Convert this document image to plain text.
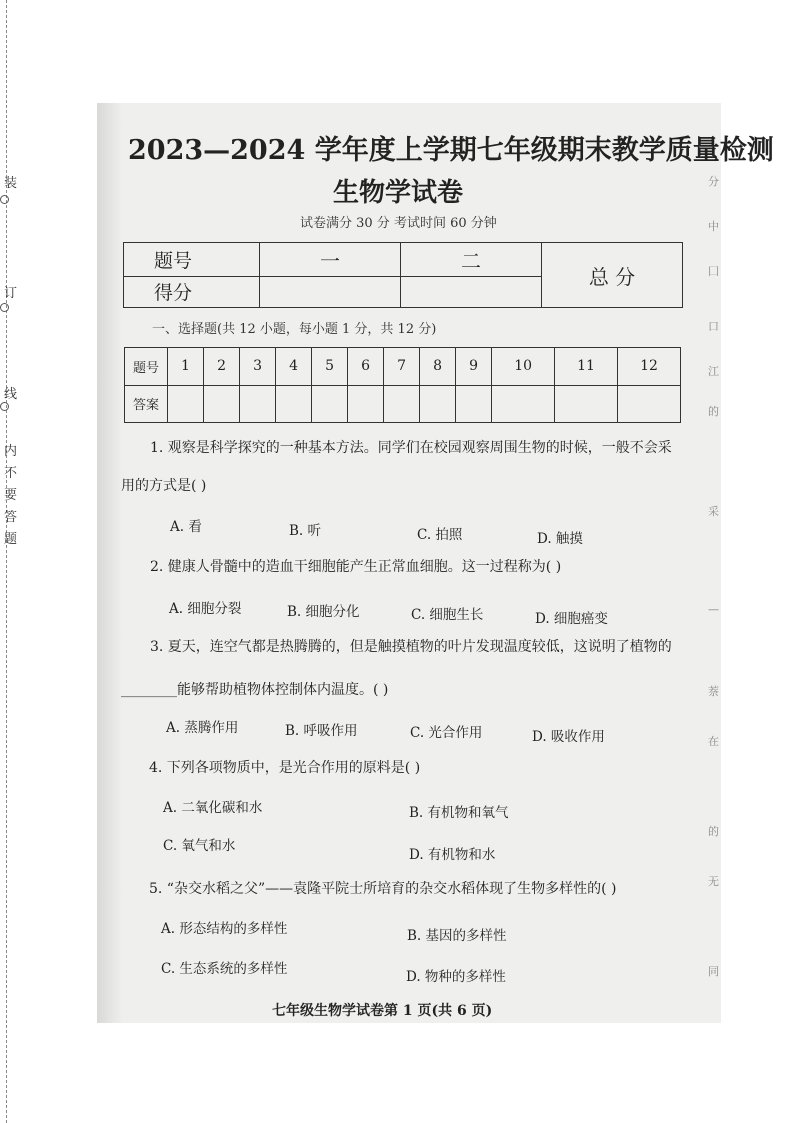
分
中
囗
口
江
的
采
—
萘
在
的
无
同
装
订
线
内
不
要
答
题
2023—2024 学年度上学期七年级期末教学质量检测
生物学试卷
试卷满分 30 分 考试时间 60 分钟
题号	一	二	总 分
得分			
一、选择题(共 12 小题，每小题 1 分，共 12 分)
题号	1	2	3	4	5	6	7	8	9	10	11	12
答案												
1. 观察是科学探究的一种基本方法。同学们在校园观察周围生物的时候，一般不会采
用的方式是( )
A. 看	B. 听	C. 拍照	D. 触摸
2. 健康人骨髓中的造血干细胞能产生正常血细胞。这一过程称为( )
A. 细胞分裂	B. 细胞分化	C. 细胞生长	D. 细胞癌变
3. 夏天，连空气都是热腾腾的，但是触摸植物的叶片发现温度较低，这说明了植物的
________能够帮助植物体控制体内温度。( )
A. 蒸腾作用	B. 呼吸作用	C. 光合作用	D. 吸收作用
4. 下列各项物质中，是光合作用的原料是( )
A. 二氧化碳和水	B. 有机物和氧气
C. 氧气和水
D. 有机物和水
5. “杂交水稻之父”——袁隆平院士所培育的杂交水稻体现了生物多样性的( )
A. 形态结构的多样性	B. 基因的多样性
C. 生态系统的多样性	D. 物种的多样性
七年级生物学试卷第 1 页(共 6 页)
